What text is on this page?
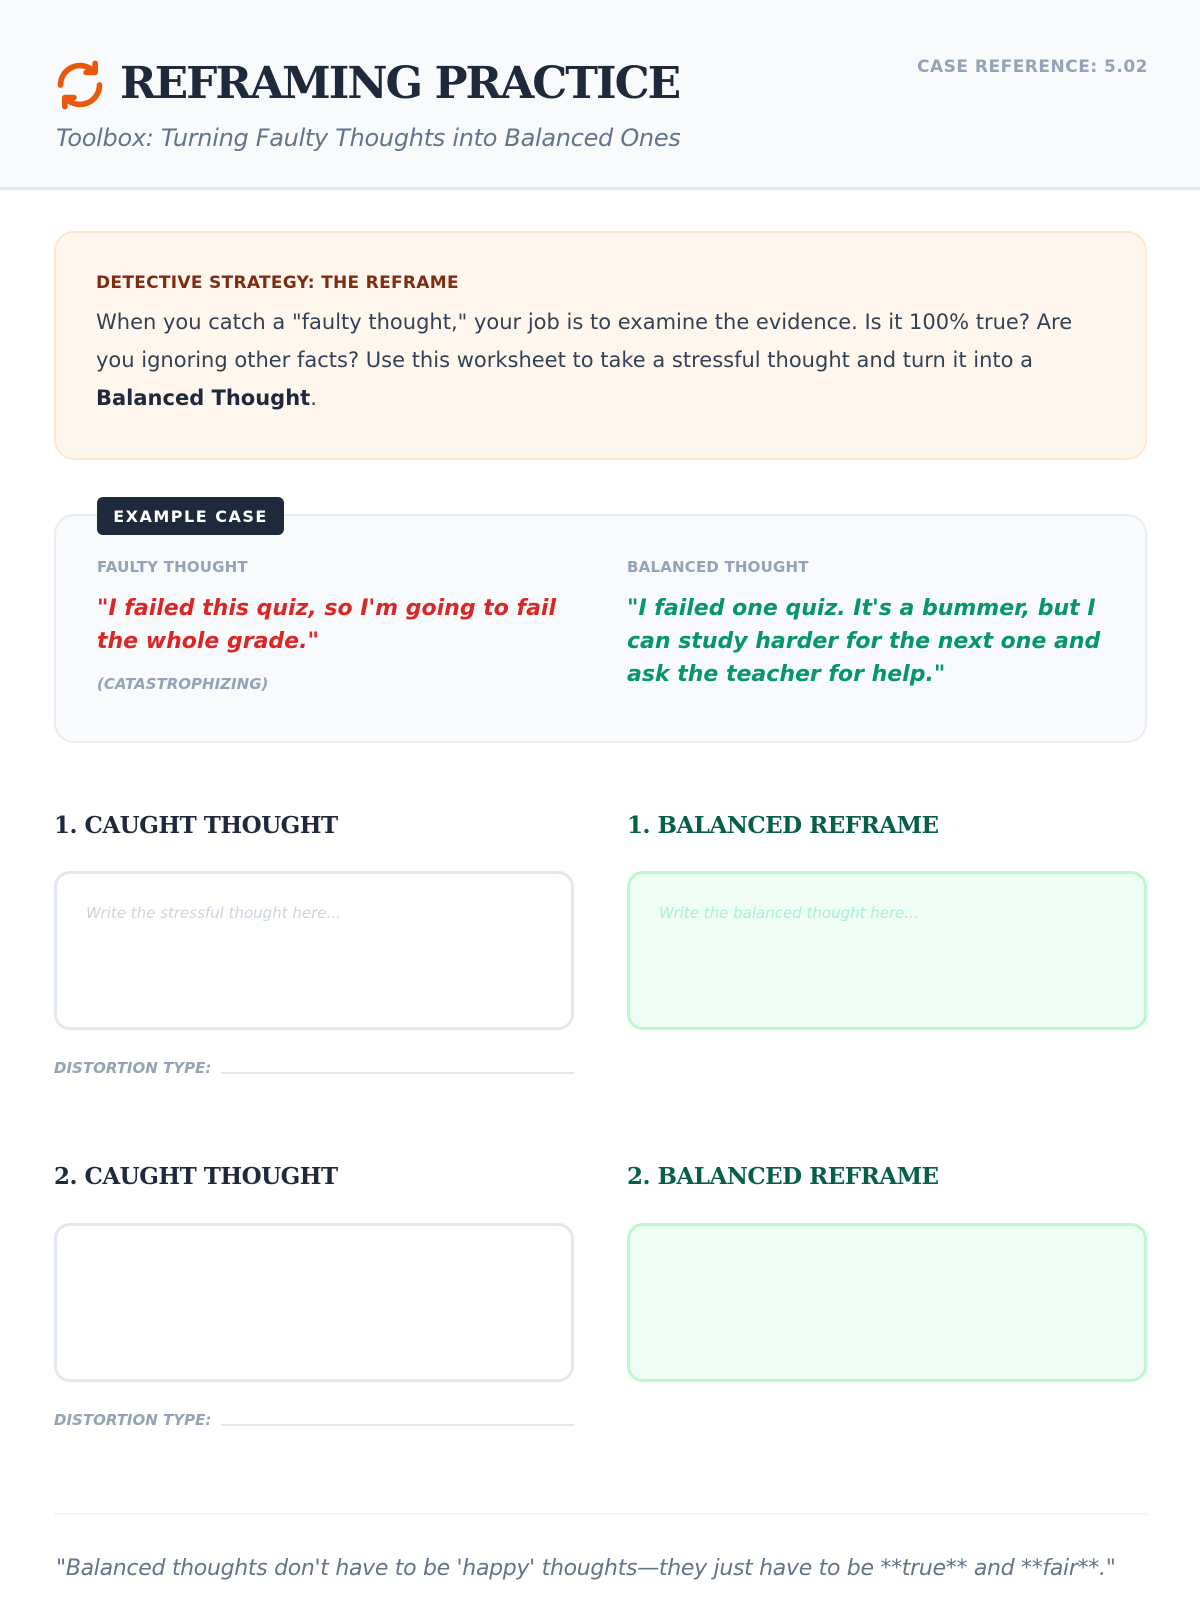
REFRAMING PRACTICE	CASE REFERENCE: 5.02
Toolbox: Turning Faulty Thoughts into Balanced Ones
DETECTIVE STRATEGY: THE REFRAME
When you catch a "faulty thought," your job is to examine the evidence. Is it 100% true? Are you ignoring other facts? Use this worksheet to take a stressful thought and turn it into a Balanced Thought.
EXAMPLE CASE
FAULTY THOUGHT	BALANCED THOUGHT
"I failed this quiz, so I'm going to fail the whole grade."
(CATASTROPHIZING)
"I failed one quiz. It's a bummer, but I can study harder for the next one and ask the teacher for help."
1. CAUGHT THOUGHT	1. BALANCED REFRAME
Write the stressful thought here...	Write the balanced thought here...
DISTORTION TYPE:
2. CAUGHT THOUGHT	2. BALANCED REFRAME
DISTORTION TYPE:
"Balanced thoughts don't have to be 'happy' thoughts—they just have to be **true** and **fair**."
